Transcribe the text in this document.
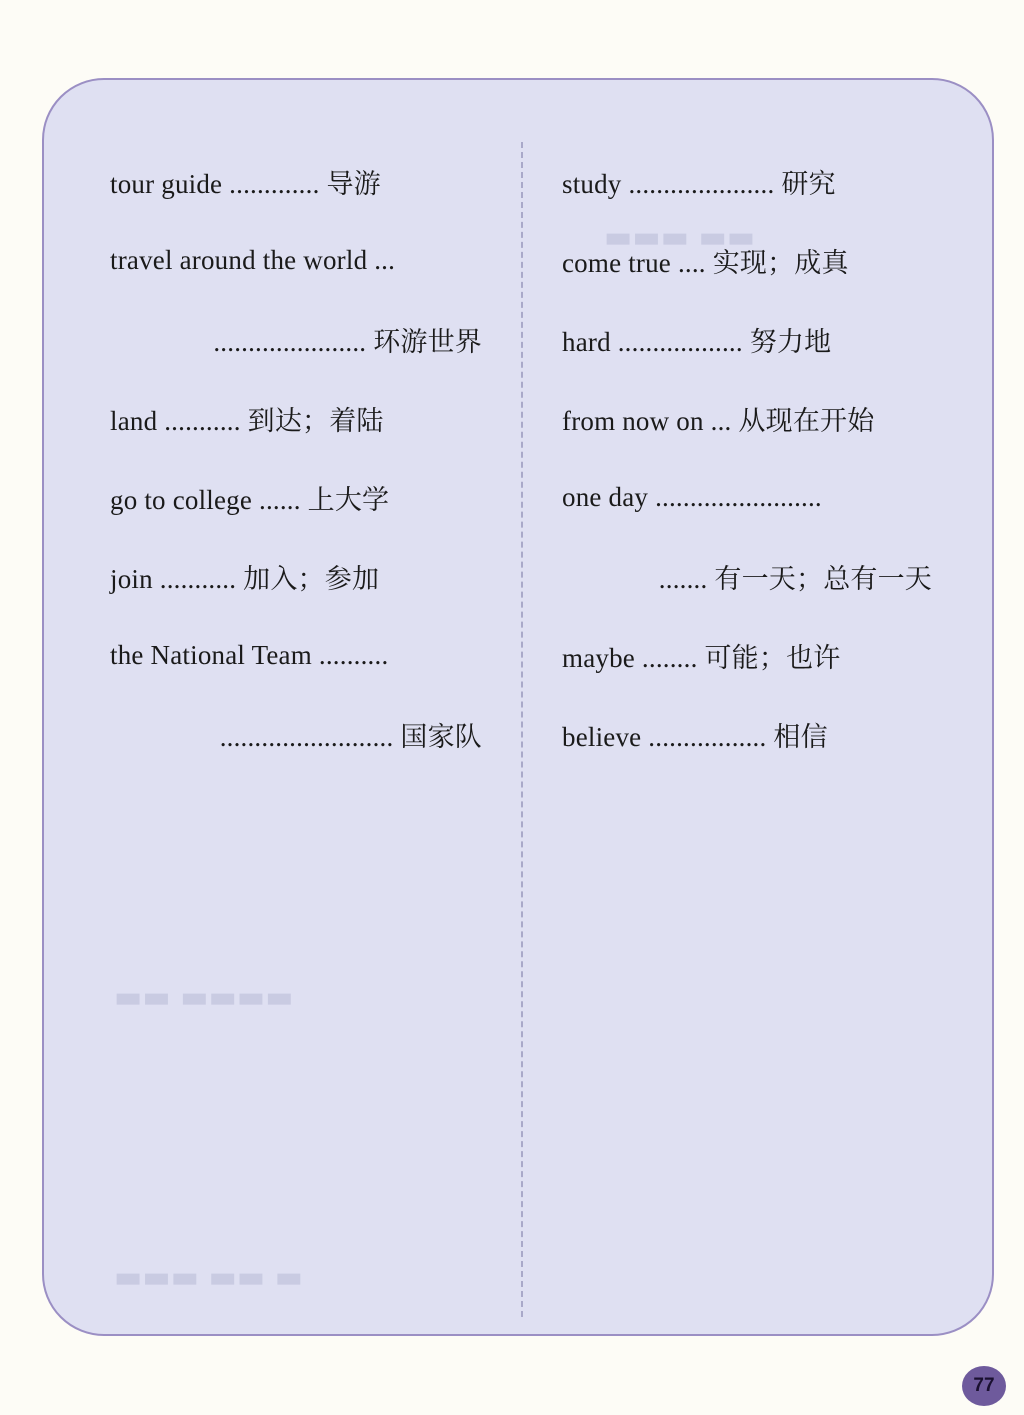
▬▬▬ ▬▬
▬▬ ▬▬▬▬
▬▬▬ ▬▬ ▬
tour guide ............. 导游
travel around the world ...
...................... 环游世界
land ........... 到达；着陆
go to college ...... 上大学
join ........... 加入；参加
the National Team ..........
......................... 国家队
study ..................... 研究
come true .... 实现；成真
hard .................. 努力地
from now on ... 从现在开始
one day ........................
....... 有一天；总有一天
maybe ........ 可能；也许
believe ................. 相信
77
